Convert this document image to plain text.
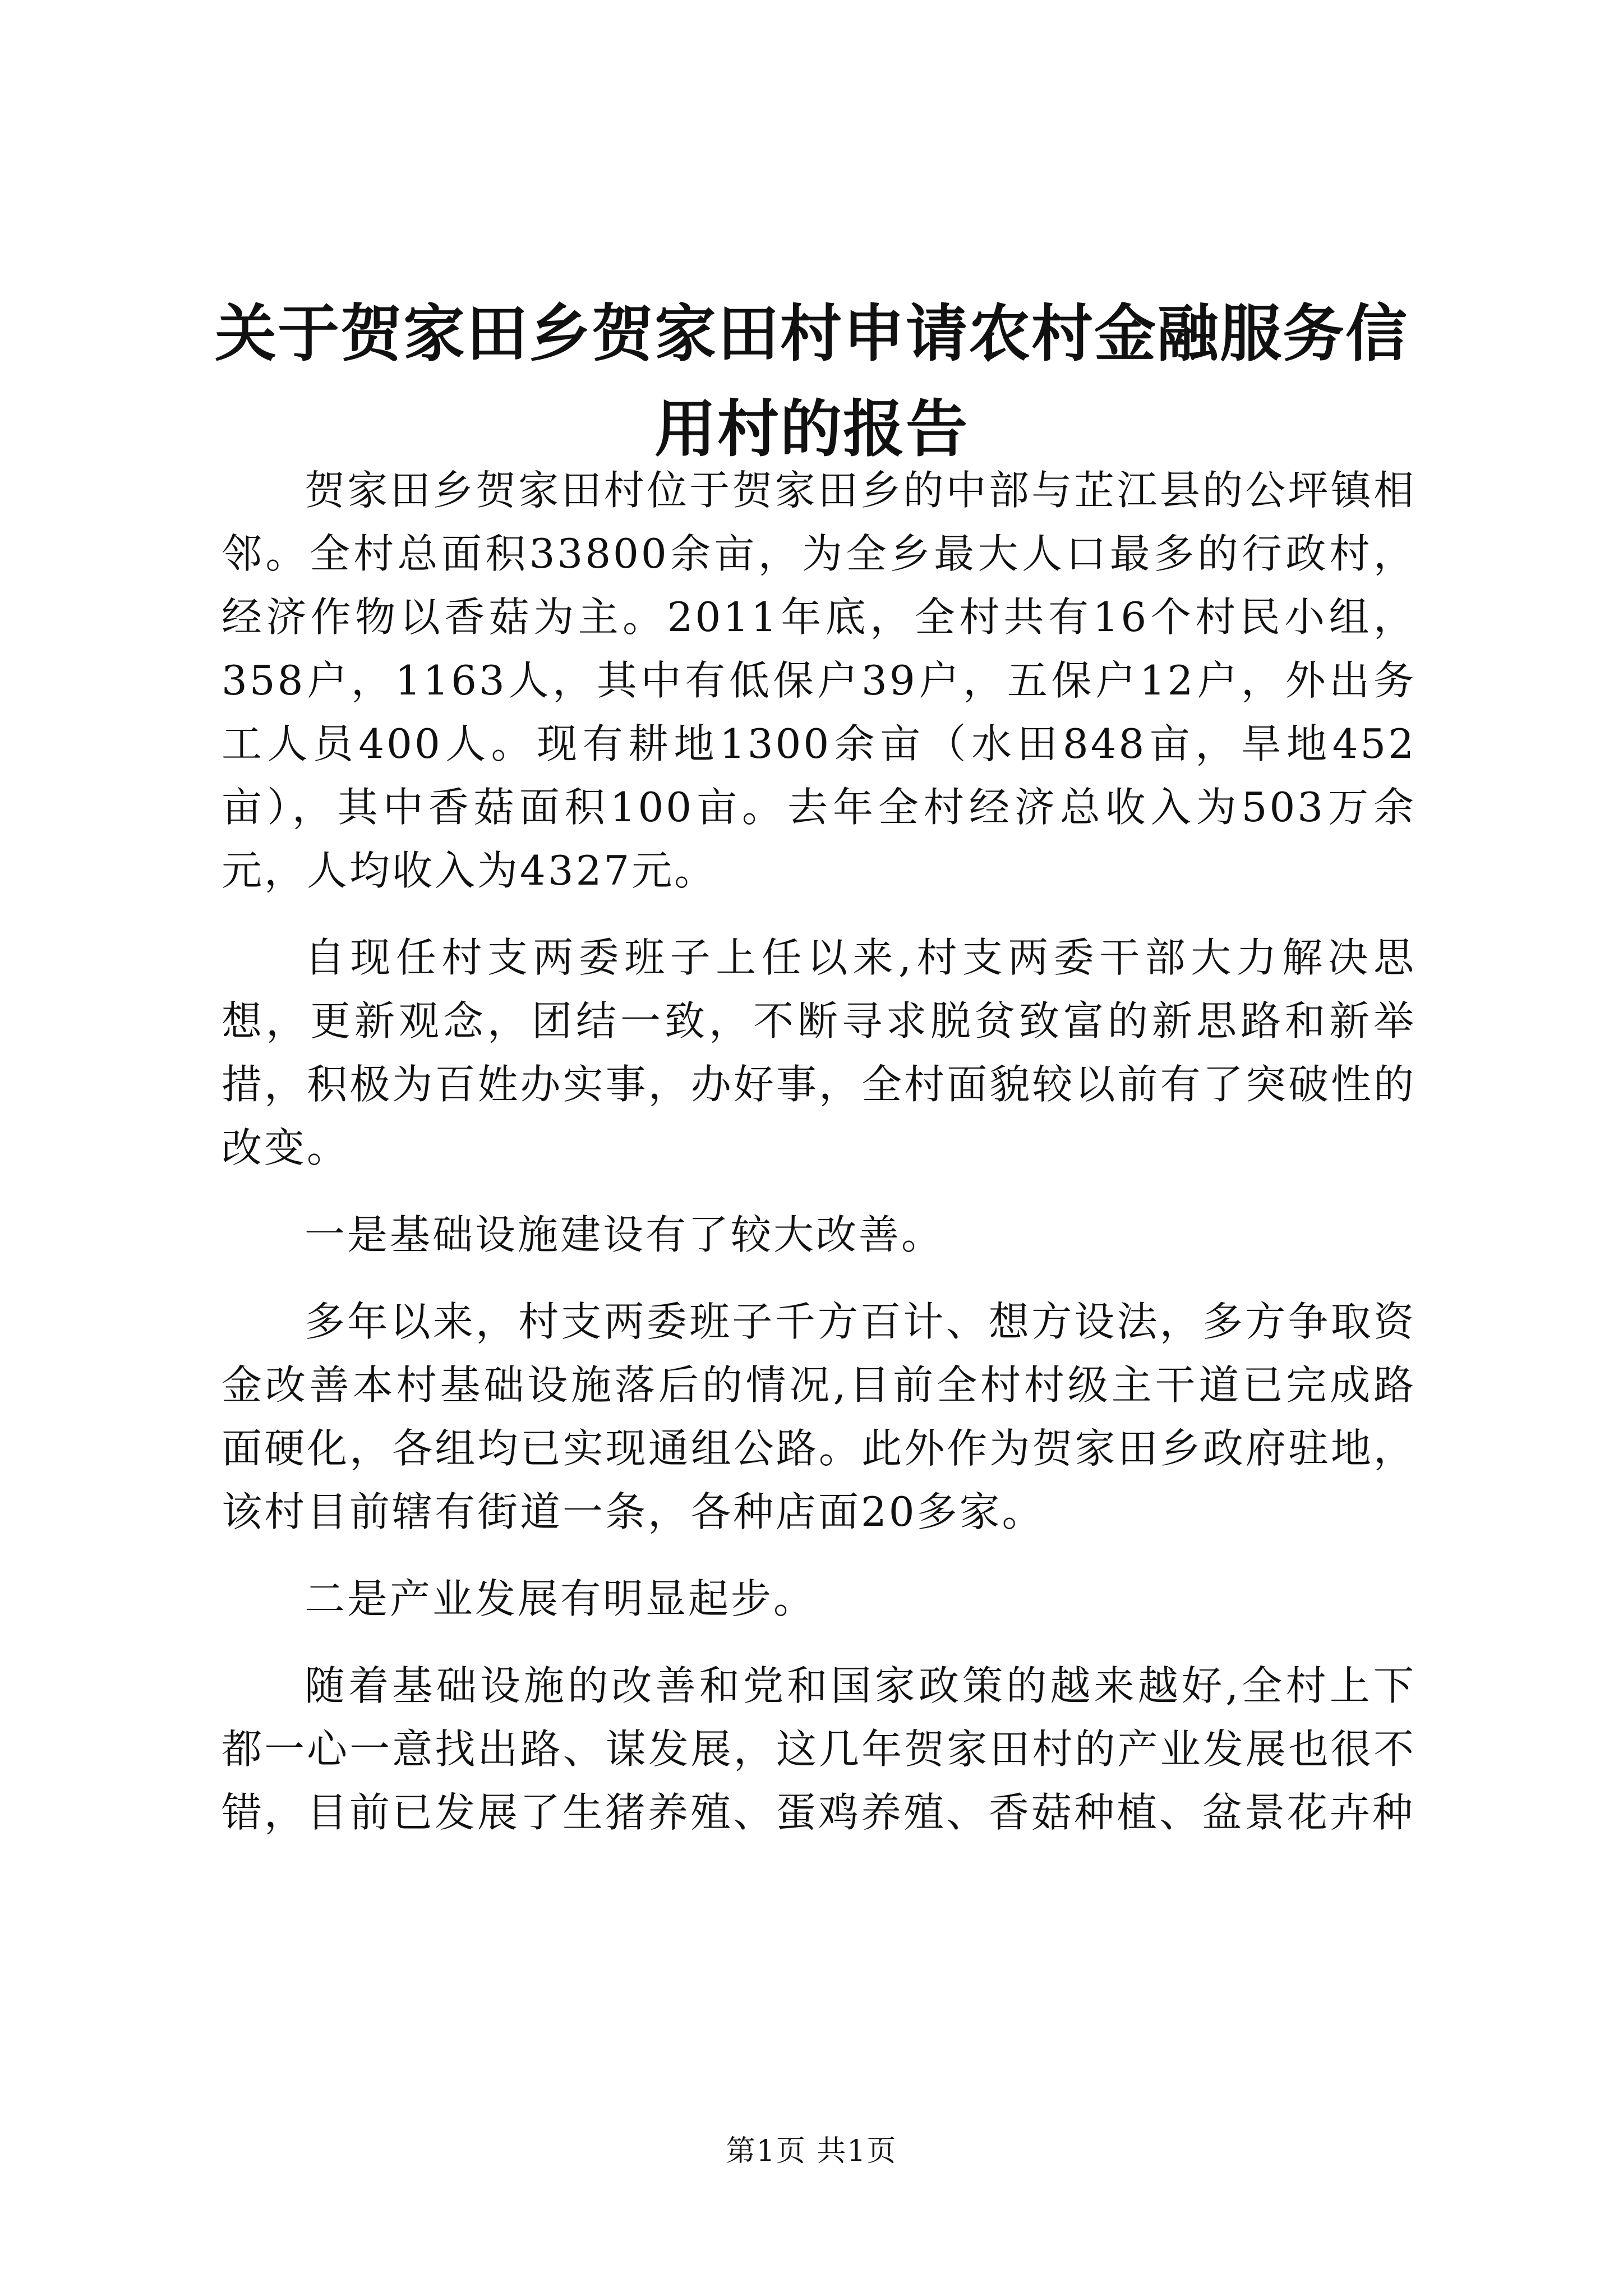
关于贺家田乡贺家田村申请农村金融服务信用村的报告

贺家田乡贺家田村位于贺家田乡的中部与芷江县的公坪镇相邻。全村总面积33800余亩，为全乡最大人口最多的行政村，经济作物以香菇为主。2011年底，全村共有16个村民小组，358户，1163人，其中有低保户39户，五保户12户，外出务工人员400人。现有耕地1300余亩（水田848亩，旱地452亩），其中香菇面积100亩。去年全村经济总收入为503万余元，人均收入为4327元。

自现任村支两委班子上任以来,村支两委干部大力解决思想，更新观念，团结一致，不断寻求脱贫致富的新思路和新举措，积极为百姓办实事，办好事，全村面貌较以前有了突破性的改变。

一是基础设施建设有了较大改善。

多年以来，村支两委班子千方百计、想方设法，多方争取资金改善本村基础设施落后的情况,目前全村村级主干道已完成路面硬化，各组均已实现通组公路。此外作为贺家田乡政府驻地，该村目前辖有街道一条，各种店面20多家。

二是产业发展有明显起步。

随着基础设施的改善和党和国家政策的越来越好,全村上下都一心一意找出路、谋发展，这几年贺家田村的产业发展也很不错，目前已发展了生猪养殖、蛋鸡养殖、香菇种植、盆景花卉种

第1页 共1页
